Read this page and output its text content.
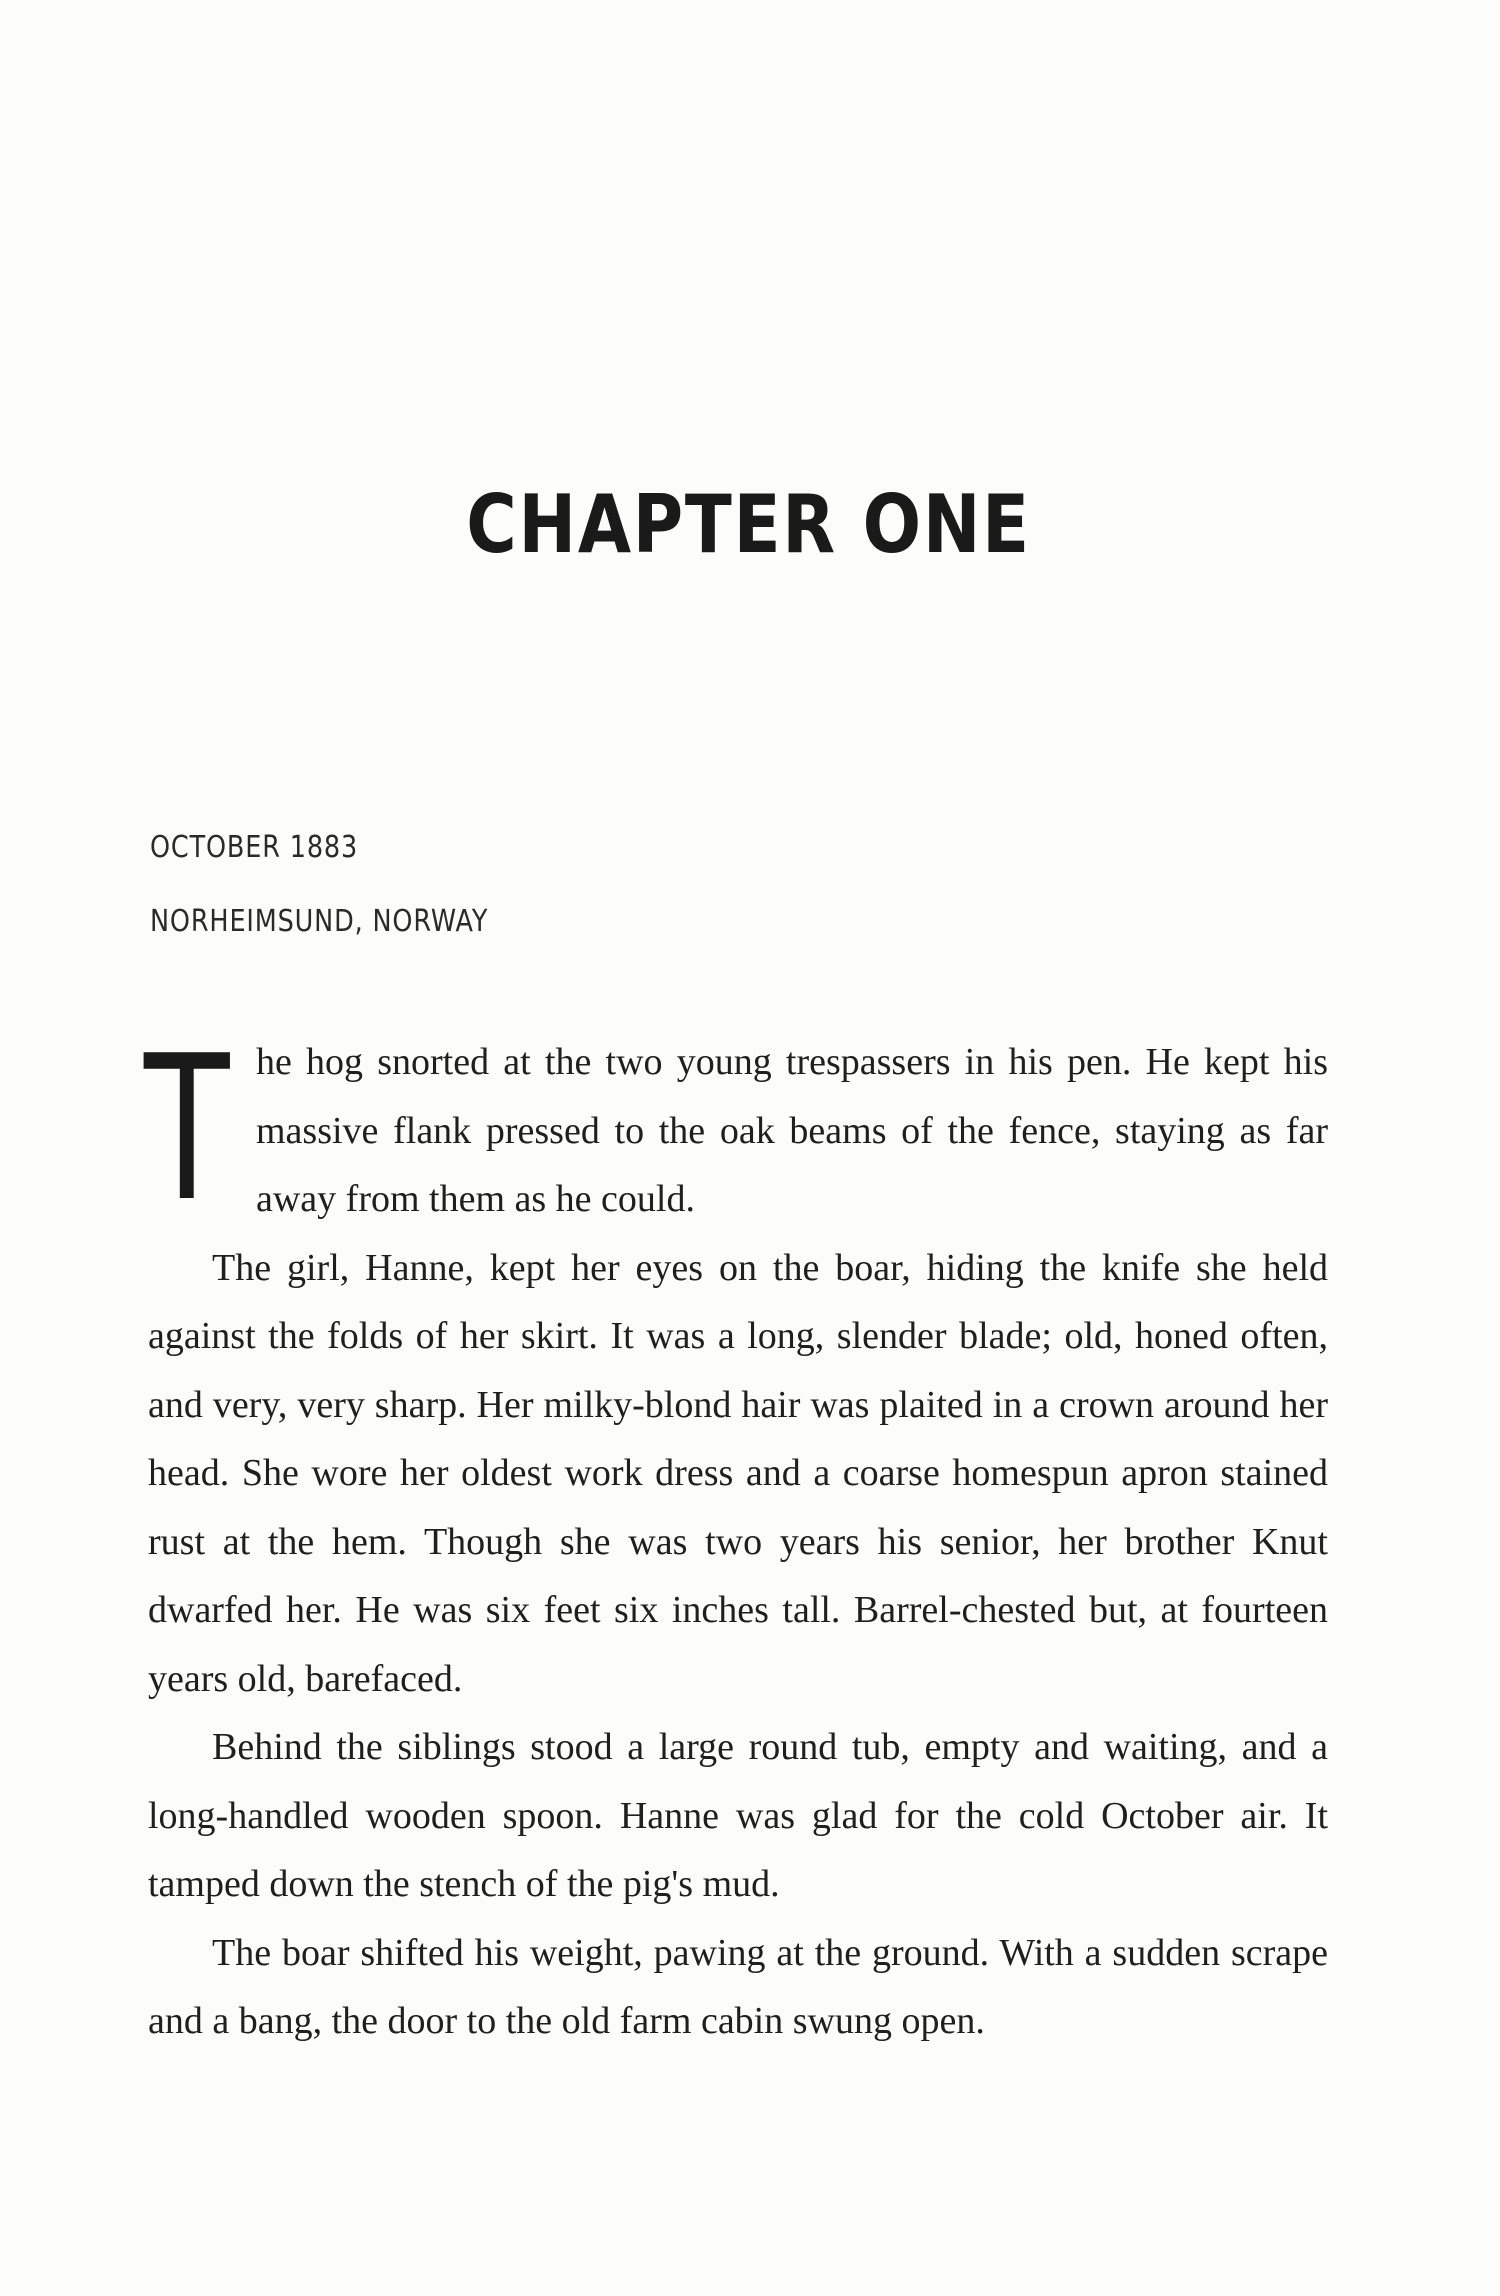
CHAPTER ONE
OCTOBER 1883
NORHEIMSUND, NORWAY

The hog snorted at the two young trespassers in his pen. He kept his massive flank pressed to the oak beams of the fence, staying as far away from them as he could.

The girl, Hanne, kept her eyes on the boar, hiding the knife she held against the folds of her skirt. It was a long, slender blade; old, honed often, and very, very sharp. Her milky-blond hair was plaited in a crown around her head. She wore her oldest work dress and a coarse homespun apron stained rust at the hem. Though she was two years his senior, her brother Knut dwarfed her. He was six feet six inches tall. Barrel-chested but, at fourteen years old, barefaced.

Behind the siblings stood a large round tub, empty and waiting, and a long-handled wooden spoon. Hanne was glad for the cold October air. It tamped down the stench of the pig's mud.

The boar shifted his weight, pawing at the ground. With a sudden scrape and a bang, the door to the old farm cabin swung open.
